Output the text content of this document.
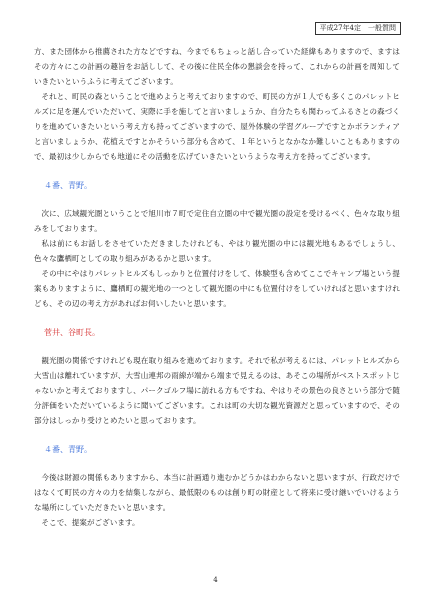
平成27年4定　一般質問

方、また団体から推薦された方などですね、今までもちょっと話し合っていた経緯もありますので、ますはその方々にこの計画の趣旨をお話しして、その後に住民全体の懇談会を持って、これからの計画を周知していきたいというふうに考えてございます。

それと、町民の森ということで進めようと考えておりますので、町民の方が１人でも多くこのパレットヒルズに足を運んでいただいて、実際に手を施してと言いましょうか、自分たちも関わってふるさとの森づくりを進めていきたいという考え方も持ってございますので、屋外体験の学習グループですとかボランティアと言いましょうか、花植えですとかそういう部分も含めて、１年というとなかなか難しいこともありますので、最初は少しからでも地道にその活動を広げていきたいというような考え方を持ってございます。

４番、青野。

次に、広域観光圏ということで旭川市７町で定住自立圏の中で観光圏の設定を受けるべく、色々な取り組みをしております。

私は前にもお話しをさせていただきましたけれども、やはり観光圏の中には観光地もあるでしょうし、色々な鷹栖町としての取り組みがあるかと思います。

その中にやはりパレットヒルズもしっかりと位置付けをして、体験型も含めてここでキャンプ場という提案もありますように、鷹栖町の観光地の一つとして観光圏の中にも位置付けをしていければと思いますけれども、その辺の考え方があればお伺いしたいと思います。

菅井、谷町長。

観光圏の関係ですけれども現在取り組みを進めております。それで私が考えるには、パレットヒルズから大雪山は離れていますが、大雪山連邦の雨線が端から端まで見えるのは、あそこの場所がベストスポットじゃないかと考えておりますし、パークゴルフ場に訪れる方もですね、やはりその景色の良さという部分で随分評価をいただいているように聞いてございます。これは町の大切な観光資源だと思っていますので、その部分はしっかり受けとめたいと思っております。

４番、青野。

今後は財源の関係もありますから、本当に計画通り進むかどうかはわからないと思いますが、行政だけではなくて町民の方々の力を結集しながら、最低限のものは創り町の財産として将来に受け継いでいけるような場所にしていただきたいと思います。

そこで、提案がございます。

4
